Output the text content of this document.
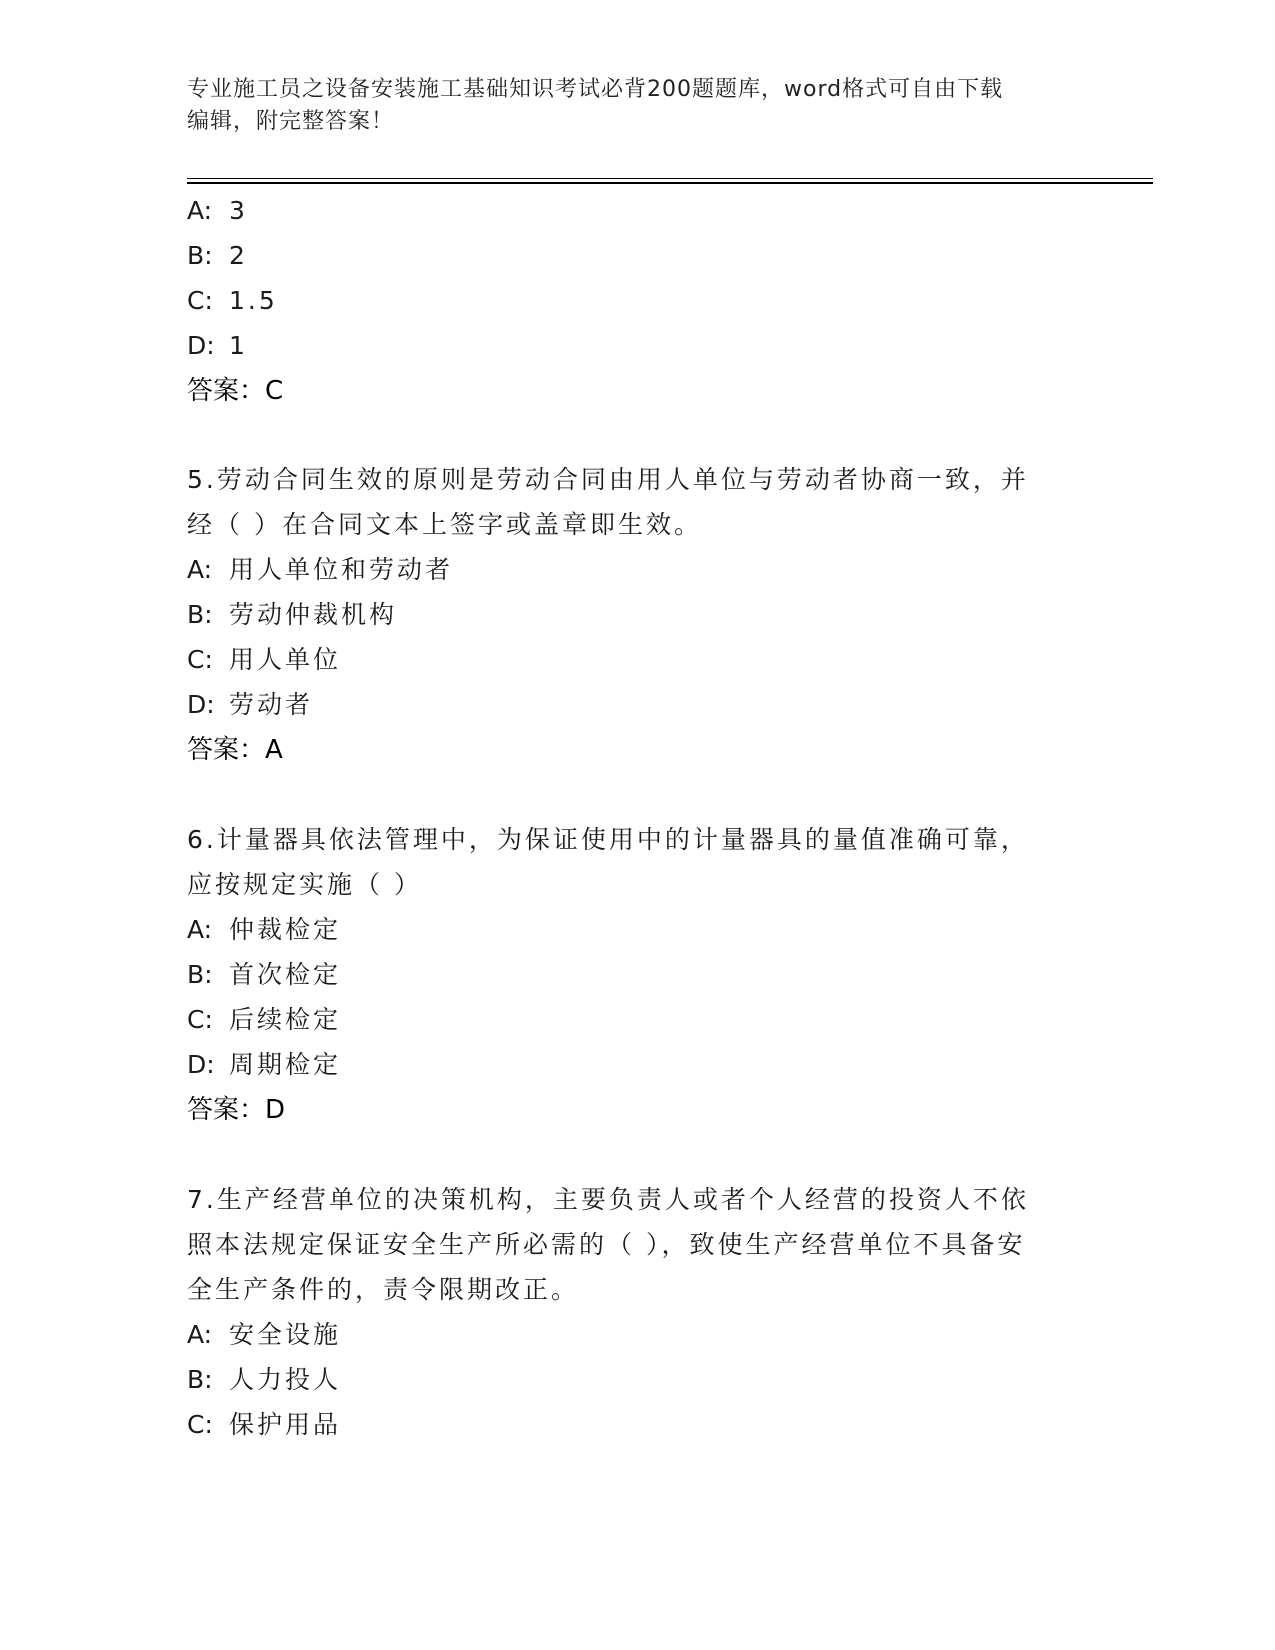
专业施工员之设备安装施工基础知识考试必背200题题库，word格式可自由下载
编辑，附完整答案！
A: 3
B: 2
C: 1.5
D: 1
答案：C
5.劳动合同生效的原则是劳动合同由用人单位与劳动者协商一致，并
经（ ）在合同文本上签字或盖章即生效。
A: 用人单位和劳动者
B: 劳动仲裁机构
C: 用人单位
D: 劳动者
答案：A
6.计量器具依法管理中，为保证使用中的计量器具的量值准确可靠，
应按规定实施（ ）
A: 仲裁检定
B: 首次检定
C: 后续检定
D: 周期检定
答案：D
7.生产经营单位的决策机构，主要负责人或者个人经营的投资人不依
照本法规定保证安全生产所必需的（ ），致使生产经营单位不具备安
全生产条件的，责令限期改正。
A: 安全设施
B: 人力投人
C: 保护用品
